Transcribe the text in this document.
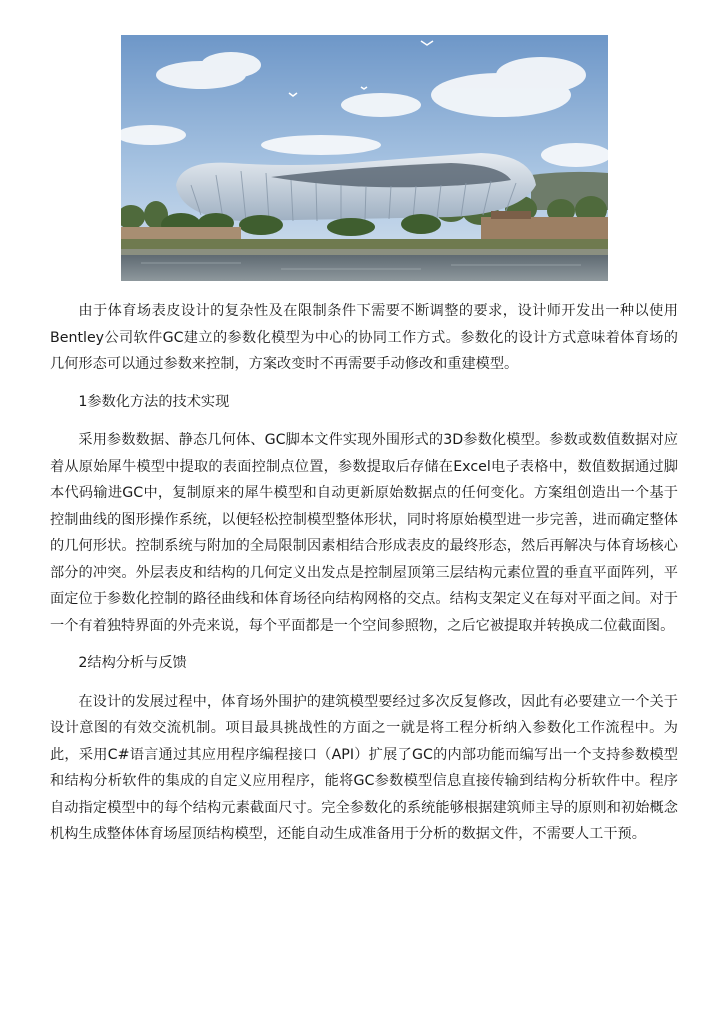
由于体育场表皮设计的复杂性及在限制条件下需要不断调整的要求，设计师开发出一种以使用Bentley公司软件GC建立的参数化模型为中心的协同工作方式。参数化的设计方式意味着体育场的几何形态可以通过参数来控制，方案改变时不再需要手动修改和重建模型。

1参数化方法的技术实现

采用参数数据、静态几何体、GC脚本文件实现外围形式的3D参数化模型。参数或数值数据对应着从原始犀牛模型中提取的表面控制点位置，参数提取后存储在Excel电子表格中，数值数据通过脚本代码输进GC中，复制原来的犀牛模型和自动更新原始数据点的任何变化。方案组创造出一个基于控制曲线的图形操作系统，以便轻松控制模型整体形状，同时将原始模型进一步完善，进而确定整体的几何形状。控制系统与附加的全局限制因素相结合形成表皮的最终形态，然后再解决与体育场核心部分的冲突。外层表皮和结构的几何定义出发点是控制屋顶第三层结构元素位置的垂直平面阵列，平面定位于参数化控制的路径曲线和体育场径向结构网格的交点。结构支架定义在每对平面之间。对于一个有着独特界面的外壳来说，每个平面都是一个空间参照物，之后它被提取并转换成二位截面图。

2结构分析与反馈

在设计的发展过程中，体育场外围护的建筑模型要经过多次反复修改，因此有必要建立一个关于设计意图的有效交流机制。项目最具挑战性的方面之一就是将工程分析纳入参数化工作流程中。为此，采用C#语言通过其应用程序编程接口（API）扩展了GC的内部功能而编写出一个支持参数模型和结构分析软件的集成的自定义应用程序，能将GC参数模型信息直接传输到结构分析软件中。程序自动指定模型中的每个结构元素截面尺寸。完全参数化的系统能够根据建筑师主导的原则和初始概念机构生成整体体育场屋顶结构模型，还能自动生成准备用于分析的数据文件，不需要人工干预。
